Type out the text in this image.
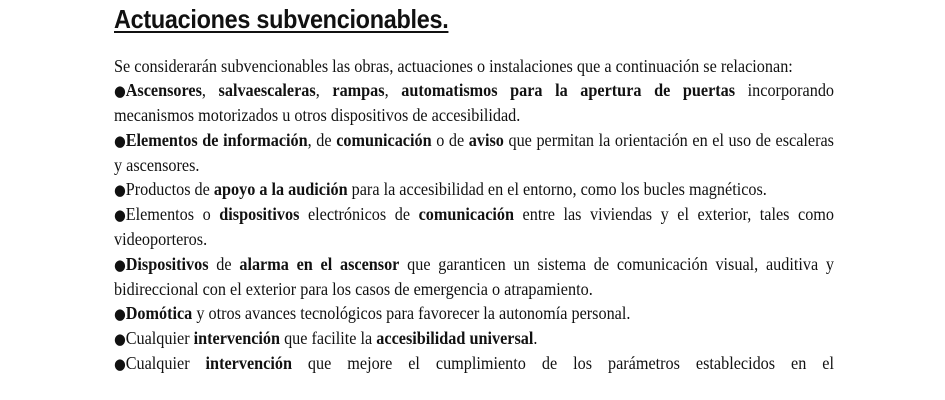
Actuaciones subvencionables.

Se considerarán subvencionables las obras, actuaciones o instalaciones que a continuación se relacionan:

●Ascensores, salvaescaleras, rampas, automatismos para la apertura de puertas incorporando mecanismos motorizados u otros dispositivos de accesibilidad.

●Elementos de información, de comunicación o de aviso que permitan la orientación en el uso de escaleras y ascensores.

●Productos de apoyo a la audición para la accesibilidad en el entorno, como los bucles magnéticos.

●Elementos o dispositivos electrónicos de comunicación entre las viviendas y el exterior, tales como videoporteros.

●Dispositivos de alarma en el ascensor que garanticen un sistema de comunicación visual, auditiva y bidireccional con el exterior para los casos de emergencia o atrapamiento.

●Domótica y otros avances tecnológicos para favorecer la autonomía personal.

●Cualquier intervención que facilite la accesibilidad universal.

●Cualquier intervención que mejore el cumplimiento de los parámetros establecidos en el
